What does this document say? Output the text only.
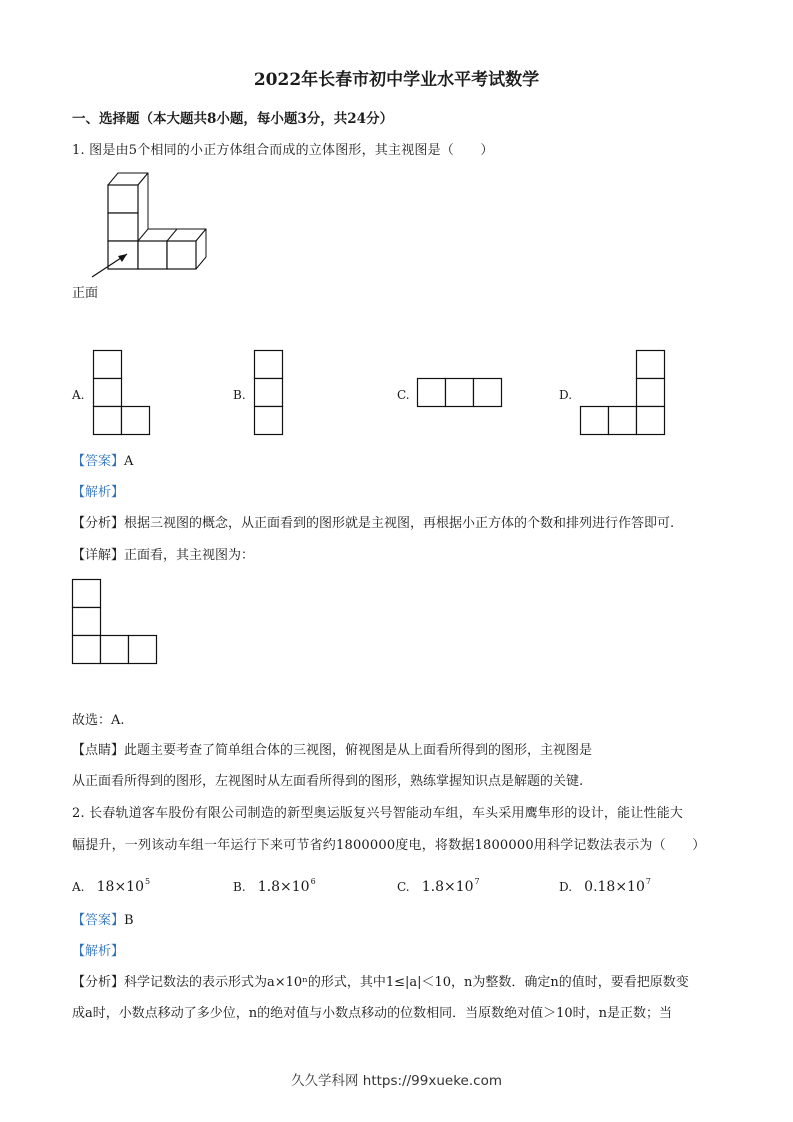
2022年长春市初中学业水平考试数学
一、选择题（本大题共8小题，每小题3分，共24分）
1. 图是由5个相同的小正方体组合而成的立体图形，其主视图是（　　）
正面
A.	B.	C.	D.
【答案】A
【解析】
【分析】根据三视图的概念，从正面看到的图形就是主视图，再根据小正方体的个数和排列进行作答即可.
【详解】正面看，其主视图为：
故选：A.
【点睛】此题主要考查了简单组合体的三视图，俯视图是从上面看所得到的图形，主视图是
从正面看所得到的图形，左视图时从左面看所得到的图形，熟练掌握知识点是解题的关键.
2. 长春轨道客车股份有限公司制造的新型奥运版复兴号智能动车组，车头采用鹰隼形的设计，能让性能大
幅提升，一列该动车组一年运行下来可节省约1800000度电，将数据1800000用科学记数法表示为（　　）
A. $18\times 10^5$	B. $1.8\times 10^6$	C. $1.8\times 10^7$	D. $0.18\times 10^7$
【答案】B
【解析】
【分析】科学记数法的表示形式为a×10ⁿ的形式，其中1≤|a|＜10，n为整数．确定n的值时，要看把原数变
成a时，小数点移动了多少位，n的绝对值与小数点移动的位数相同．当原数绝对值＞10时，n是正数；当
久久学科网 https://99xueke.com
